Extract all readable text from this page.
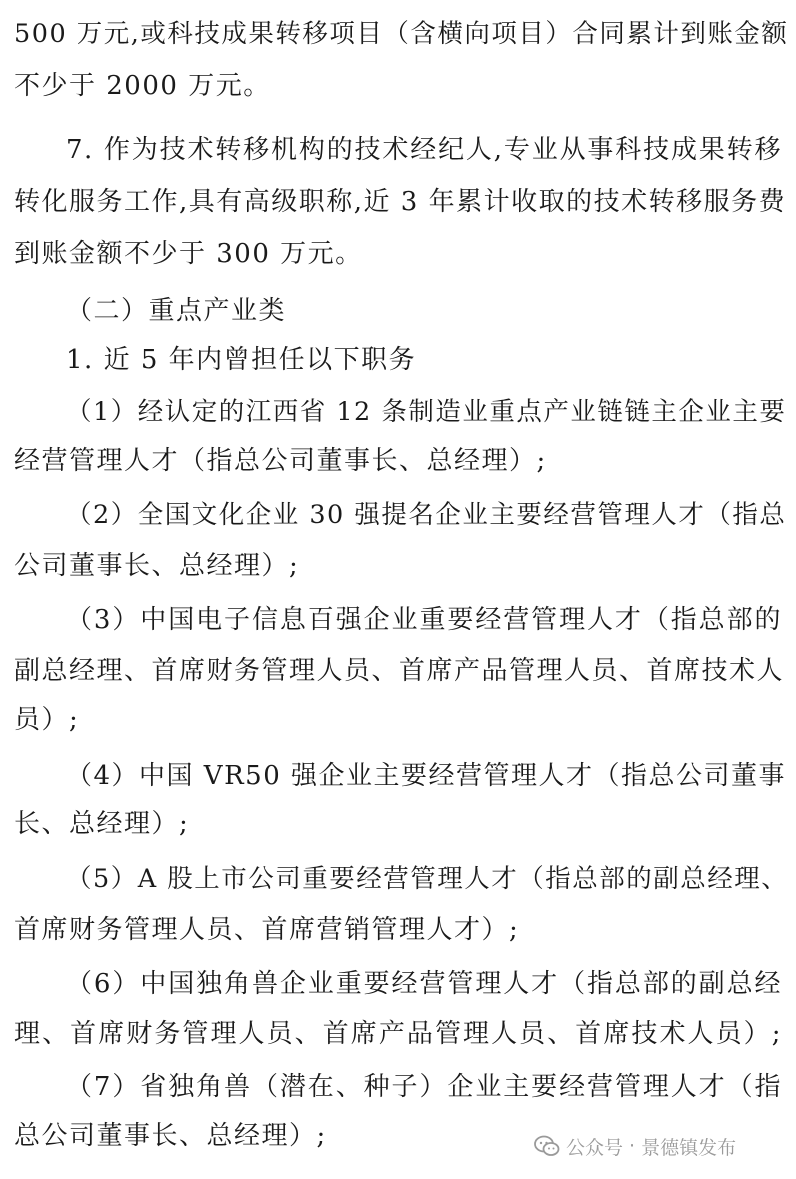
500 万元,或科技成果转移项目（含横向项目）合同累计到账金额
不少于 2000 万元。
7. 作为技术转移机构的技术经纪人,专业从事科技成果转移
转化服务工作,具有高级职称,近 3 年累计收取的技术转移服务费
到账金额不少于 300 万元。
（二）重点产业类
1. 近 5 年内曾担任以下职务
（1）经认定的江西省 12 条制造业重点产业链链主企业主要
经营管理人才（指总公司董事长、总经理）;
（2）全国文化企业 30 强提名企业主要经营管理人才（指总
公司董事长、总经理）;
（3）中国电子信息百强企业重要经营管理人才（指总部的
副总经理、首席财务管理人员、首席产品管理人员、首席技术人
员）;
（4）中国 VR50 强企业主要经营管理人才（指总公司董事
长、总经理）;
（5）A 股上市公司重要经营管理人才（指总部的副总经理、
首席财务管理人员、首席营销管理人才）;
（6）中国独角兽企业重要经营管理人才（指总部的副总经
理、首席财务管理人员、首席产品管理人员、首席技术人员）;
（7）省独角兽（潜在、种子）企业主要经营管理人才（指
总公司董事长、总经理）;	公众号 · 景德镇发布
